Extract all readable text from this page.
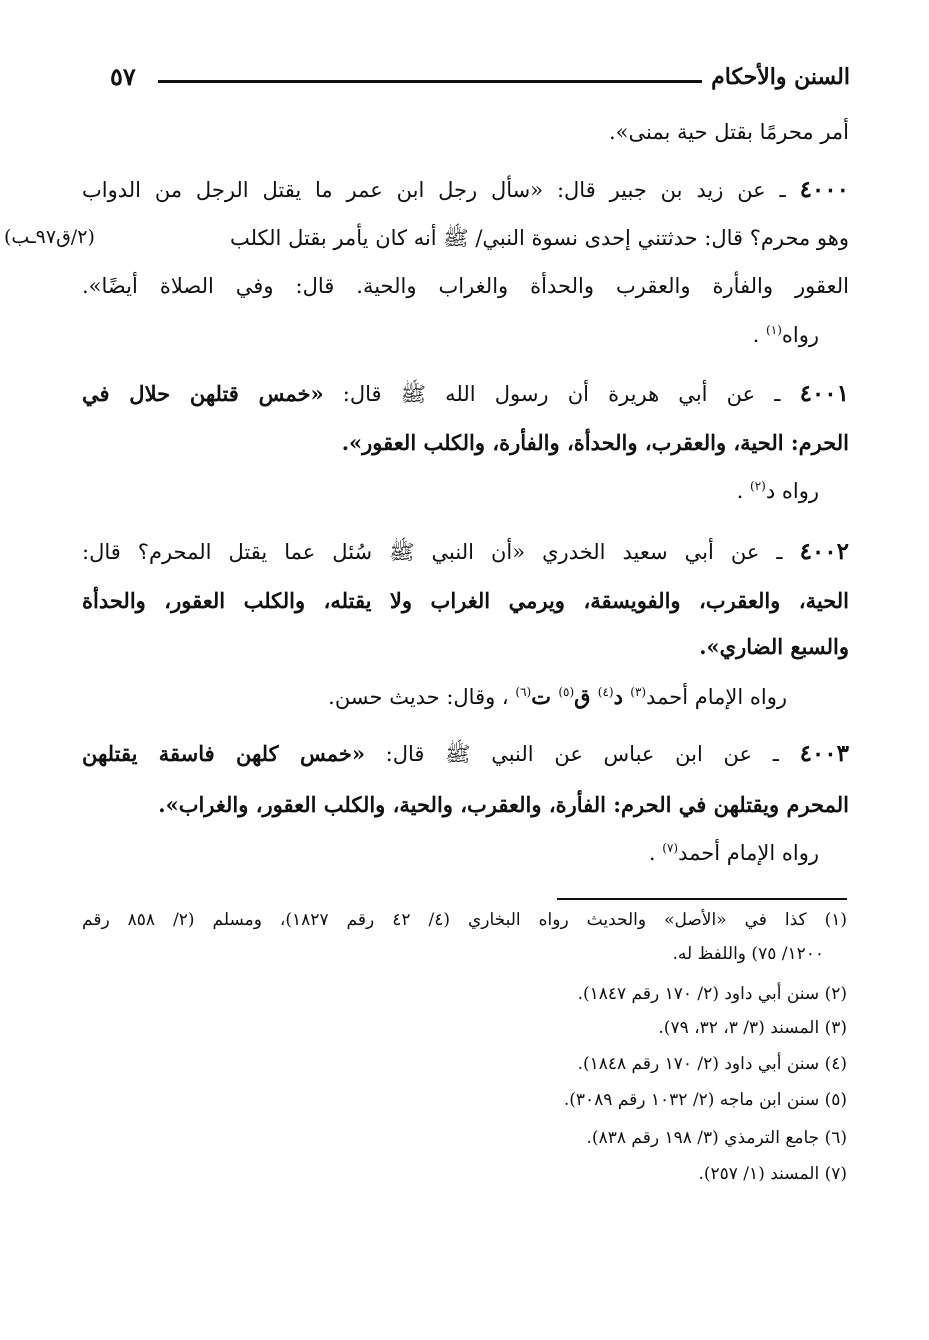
السنن والأحكام
٥٧
(٢/ق٩٧ـب)
أمر محرمًا بقتل حية بمنى».
٤٠٠٠ ـ عن زيد بن جبير قال: «سأل رجل ابن عمر ما يقتل الرجل من الدواب
وهو محرم؟ قال: حدثتني إحدى نسوة النبي/ ﷺ أنه كان يأمر بقتل الكلب
العقور والفأرة والعقرب والحدأة والغراب والحية. قال: وفي الصلاة أيضًا».
رواه$^{(١)}$ .
٤٠٠١ ـ عن أبي هريرة أن رسول الله ﷺ قال: «خمس قتلهن حلال في
الحرم: الحية، والعقرب، والحدأة، والفأرة، والكلب العقور».
رواه د$^{(٢)}$ .
٤٠٠٢ ـ عن أبي سعيد الخدري «أن النبي ﷺ سُئل عما يقتل المحرم؟ قال:
الحية، والعقرب، والفويسقة، ويرمي الغراب ولا يقتله، والكلب العقور، والحدأة
والسبع الضاري».
رواه الإمام أحمد$^{(٣)}$ د$^{(٤)}$ ق$^{(٥)}$ ت$^{(٦)}$ ، وقال: حديث حسن.
٤٠٠٣ ـ عن ابن عباس عن النبي ﷺ قال: «خمس كلهن فاسقة يقتلهن
المحرم ويقتلهن في الحرم: الفأرة، والعقرب، والحية، والكلب العقور، والغراب».
رواه الإمام أحمد$^{(٧)}$ .
(١) كذا في «الأصل» والحديث رواه البخاري (٤/ ٤٢ رقم ١٨٢٧)، ومسلم (٢/ ٨٥٨ رقم
١٢٠٠/ ٧٥) واللفظ له.
(٢) سنن أبي داود (٢/ ١٧٠ رقم ١٨٤٧).
(٣) المسند (٣/ ٣، ٣٢، ٧٩).
(٤) سنن أبي داود (٢/ ١٧٠ رقم ١٨٤٨).
(٥) سنن ابن ماجه (٢/ ١٠٣٢ رقم ٣٠٨٩).
(٦) جامع الترمذي (٣/ ١٩٨ رقم ٨٣٨).
(٧) المسند (١/ ٢٥٧).
